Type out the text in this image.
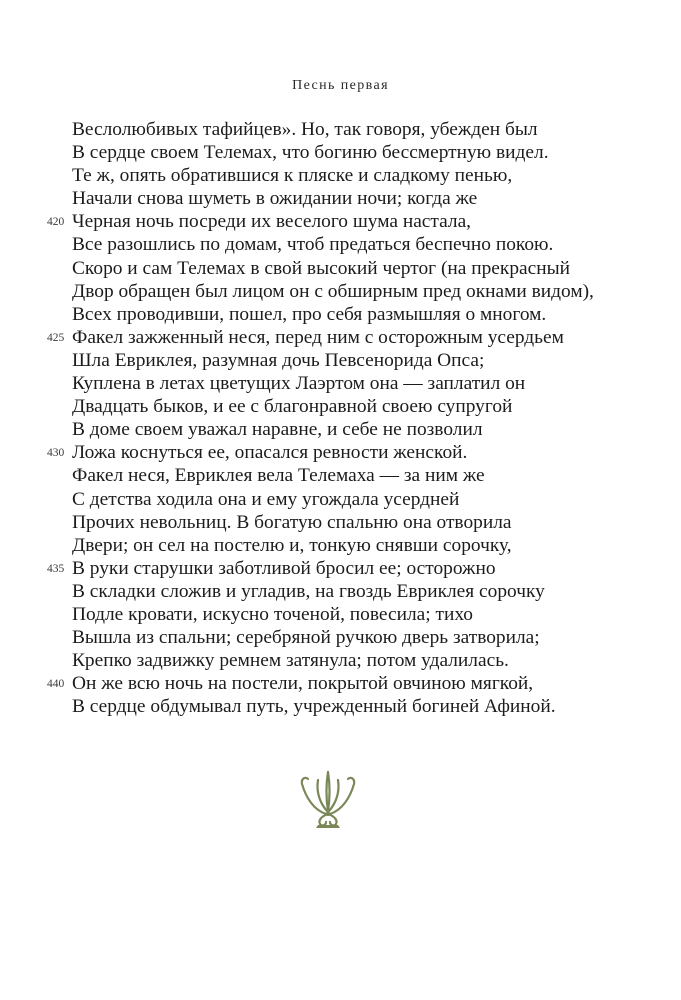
Песнь первая
Веслолюбивых тафийцев». Но, так говоря, убежден был
В сердце своем Телемах, что богиню бессмертную видел.
Те ж, опять обратившися к пляске и сладкому пенью,
Начали снова шуметь в ожидании ночи; когда же
420 Черная ночь посреди их веселого шума настала,
Все разошлись по домам, чтоб предаться беспечно покою.
Скоро и сам Телемах в свой высокий чертог (на прекрасный
Двор обращен был лицом он с обширным пред окнами видом),
Всех проводивши, пошел, про себя размышляя о многом.
425 Факел зажженный неся, перед ним с осторожным усердьем
Шла Евриклея, разумная дочь Певсенорида Опса;
Куплена в летах цветущих Лаэртом она — заплатил он
Двадцать быков, и ее с благонравной своею супругой
В доме своем уважал наравне, и себе не позволил
430 Ложа коснуться ее, опасался ревности женской.
Факел неся, Евриклея вела Телемаха — за ним же
С детства ходила она и ему угождала усердней
Прочих невольниц. В богатую спальню она отворила
Двери; он сел на постелю и, тонкую снявши сорочку,
435 В руки старушки заботливой бросил ее; осторожно
В складки сложив и угладив, на гвоздь Евриклея сорочку
Подле кровати, искусно точеной, повесила; тихо
Вышла из спальни; серебряной ручкою дверь затворила;
Крепко задвижку ремнем затянула; потом удалилась.
440 Он же всю ночь на постели, покрытой овчиною мягкой,
В сердце обдумывал путь, учрежденный богиней Афиной.
